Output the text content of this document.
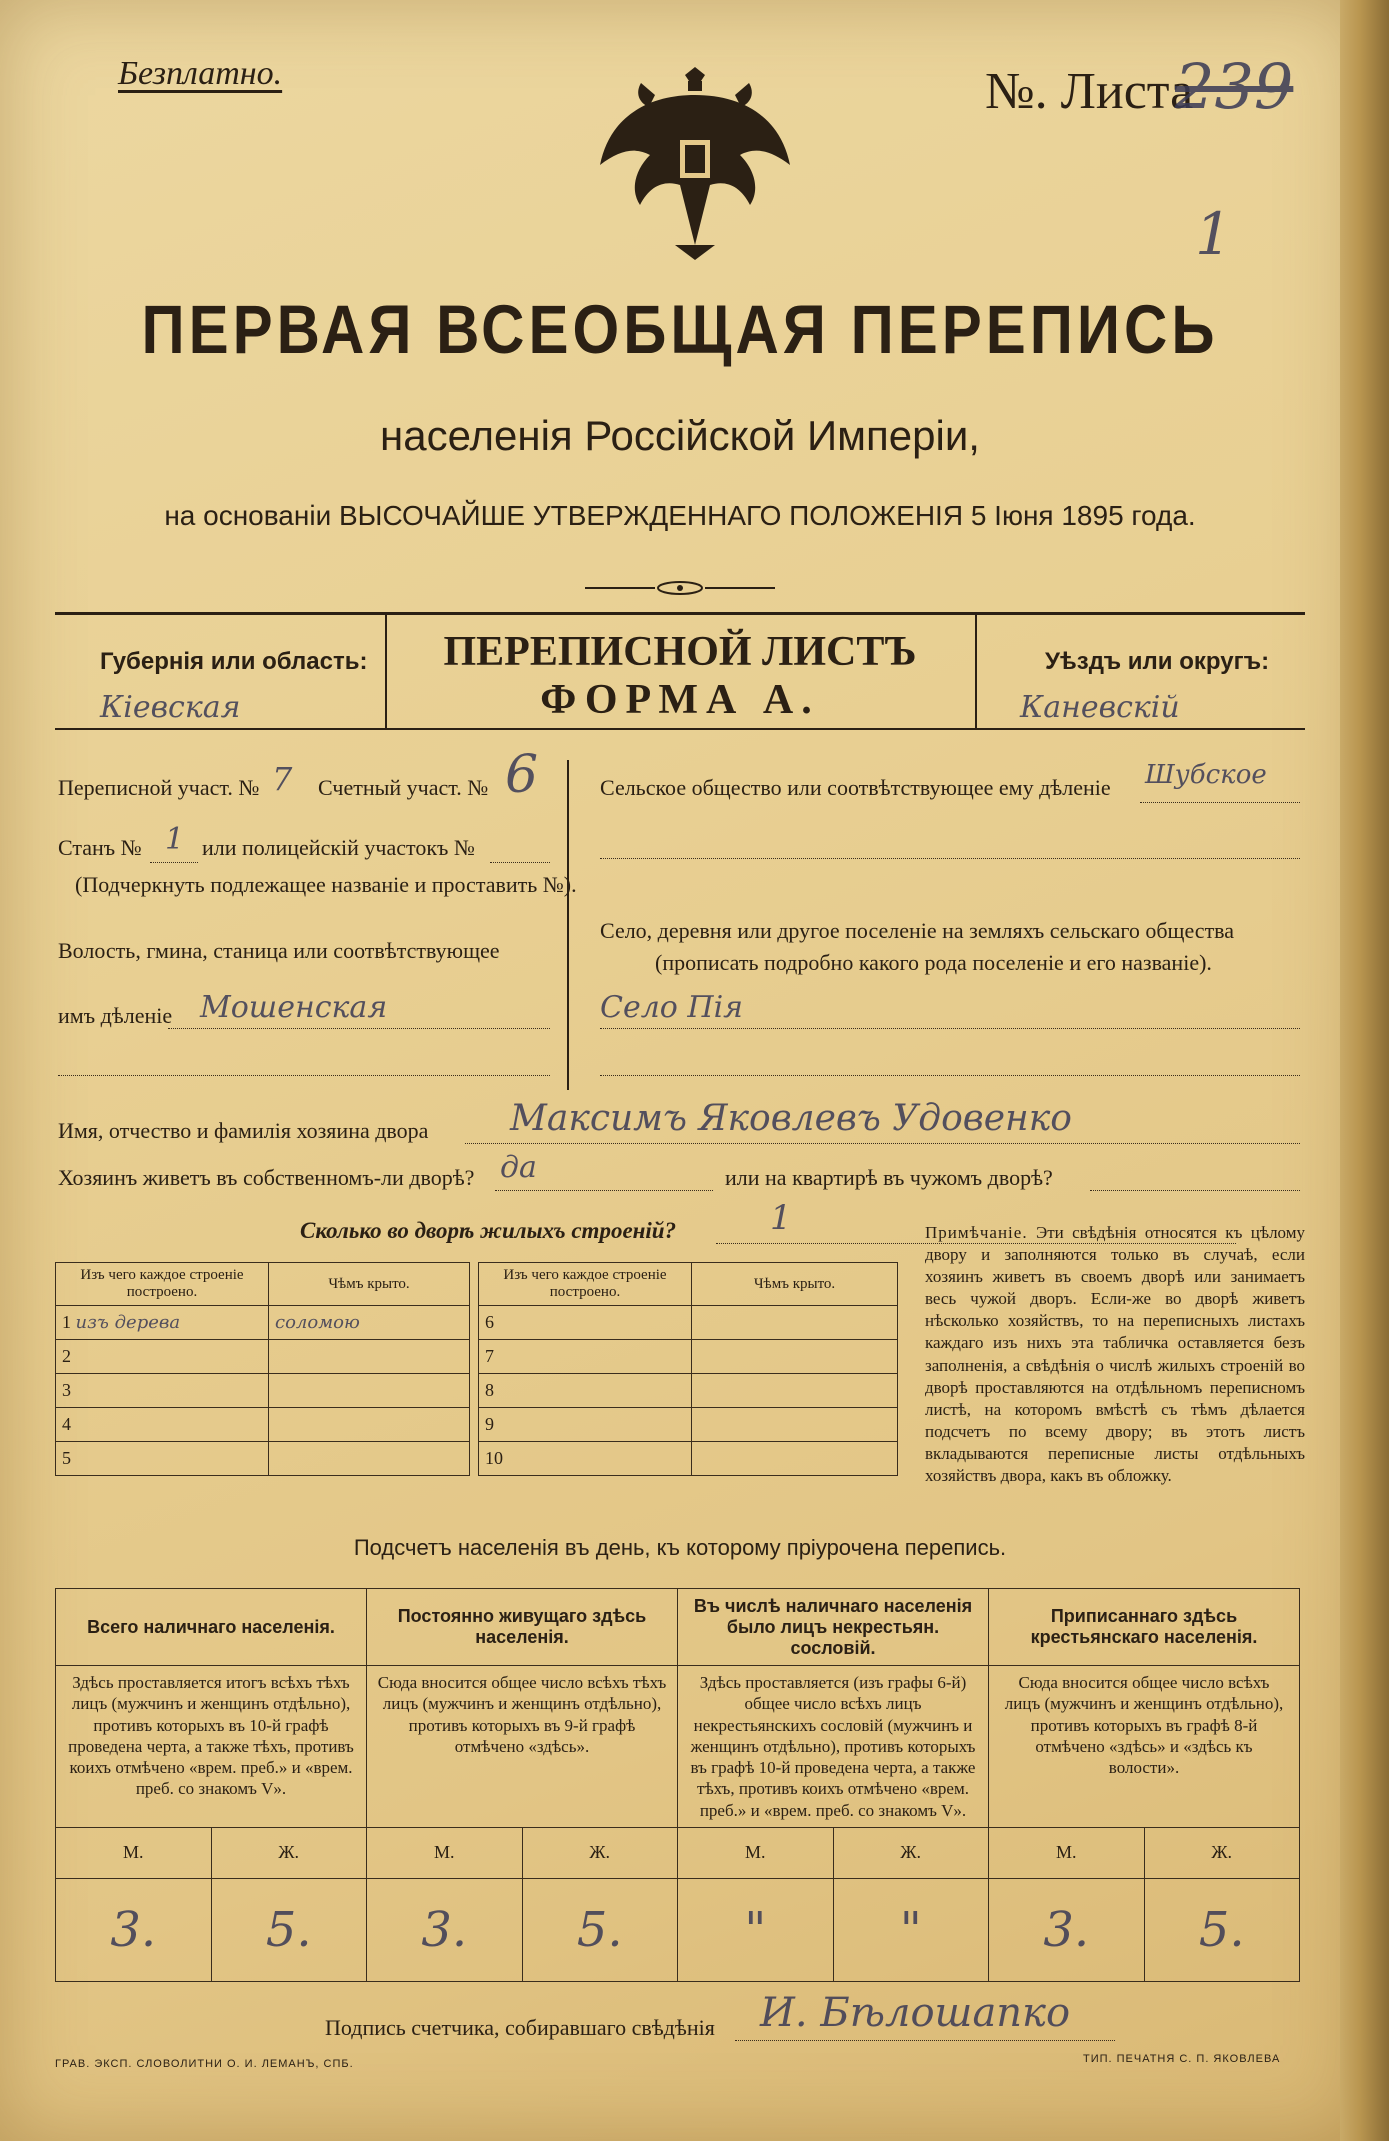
Безплатно.	№. Листа
239
1
ПЕРВАЯ ВСЕОБЩАЯ ПЕРЕПИСЬ
населенія Россійской Имперіи,
на основаніи ВЫСОЧАЙШЕ УТВЕРЖДЕННАГО ПОЛОЖЕНІЯ 5 Іюня 1895 года.
Губернія или область:
Кіевская
ПЕРЕПИСНОЙ ЛИСТЪ
ФОРМА А.
Уѣздъ или округъ:
Каневскій
Переписной участ. № 7 Счетный участ. № 6
Станъ № 1 или полицейскій участокъ №
(Подчеркнуть подлежащее названіе и проставить №).
Волость, гмина, станица или соотвѣтствующее
имъ дѣленіе Мошенская
Сельское общество или соотвѣтствующее ему дѣленіе Шубское
Село, деревня или другое поселеніе на земляхъ сельскаго общества
(прописать подробно какого рода поселеніе и его названіе).
Село Пія
Имя, отчество и фамилія хозяина двора Максимъ Яковлевъ Удовенко
Хозяинъ живетъ въ собственномъ-ли дворѣ? да	или на квартирѣ въ чужомъ дворѣ?
Сколько во дворѣ жилыхъ строеній?	1
Изъ чего каждое строеніе построено.	Чѣмъ крыто.
1 изъ дерева	соломою
2	
3	
4	
5	
Изъ чего каждое строеніе построено.	Чѣмъ крыто.
6	
7	
8	
9	
10	
Примѣчаніе. Эти свѣдѣнія относятся къ цѣлому двору и заполняются только въ случаѣ, если хозяинъ живетъ въ своемъ дворѣ или занимаетъ весь чужой дворъ. Если-же во дворѣ живетъ нѣсколько хозяйствъ, то на переписныхъ листахъ каждаго изъ нихъ эта табличка оставляется безъ заполненія, а свѣдѣнія о числѣ жилыхъ строеній во дворѣ проставляются на отдѣльномъ переписномъ листѣ, на которомъ вмѣстѣ съ тѣмъ дѣлается подсчетъ по всему двору; въ этотъ листъ вкладываются переписные листы отдѣльныхъ хозяйствъ двора, какъ въ обложку.
Подсчетъ населенія въ день, къ которому пріурочена перепись.
Всего наличнаго населенія.		Постоянно живущаго здѣсь населенія.		Въ числѣ наличнаго населенія было лицъ некрестьян. сословій.		Приписаннаго здѣсь крестьянскаго населенія.	
Здѣсь проставляется итогъ всѣхъ тѣхъ лицъ (мужчинъ и женщинъ отдѣльно), противъ которыхъ въ 10-й графѣ проведена черта, а также тѣхъ, противъ коихъ отмѣчено «врем. преб.» и «врем. преб. со знакомъ V».		Сюда вносится общее число всѣхъ тѣхъ лицъ (мужчинъ и женщинъ отдѣльно), противъ которыхъ въ 9-й графѣ отмѣчено «здѣсь».		Здѣсь проставляется (изъ графы 6-й) общее число всѣхъ лицъ некрестьянскихъ сословій (мужчинъ и женщинъ отдѣльно), противъ которыхъ въ графѣ 10-й проведена черта, а также тѣхъ, противъ коихъ отмѣчено «врем. преб.» и «врем. преб. со знакомъ V».		Сюда вносится общее число всѣхъ лицъ (мужчинъ и женщинъ отдѣльно), противъ которыхъ въ графѣ 8-й отмѣчено «здѣсь» и «здѣсь къ волости».	
М.	Ж.	М.	Ж.	М.	Ж.	М.	Ж.
3.	5.	3.	5.	"	"	3.	5.
Подпись счетчика, собиравшаго свѣдѣнія И. Бѣлошапко
ГРАВ. ЭКСП. СЛОВОЛИТНИ О. И. ЛЕМАНЪ, СПБ.	ТИП. ПЕЧАТНЯ С. П. ЯКОВЛЕВА
